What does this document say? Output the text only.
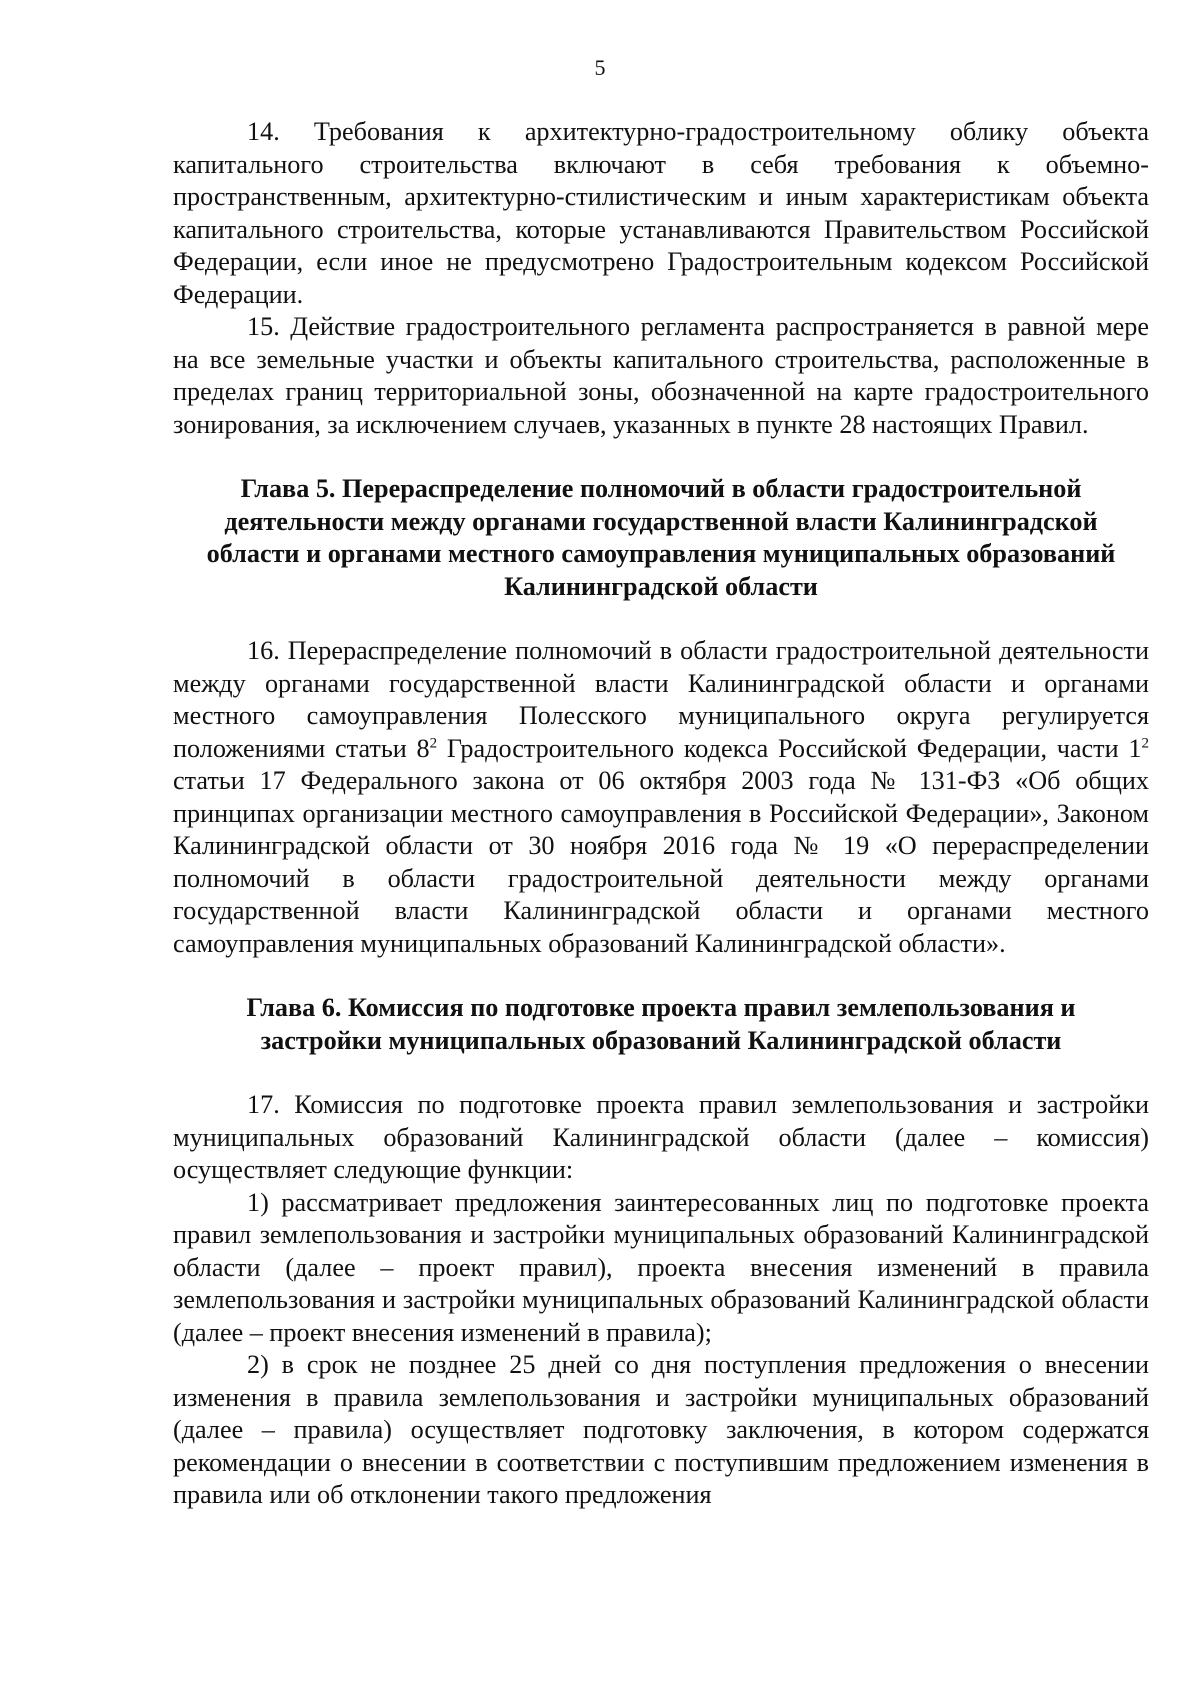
5

14. Требования к архитектурно-градостроительному облику объекта капитального строительства включают в себя требования к объемно-пространственным, архитектурно-стилистическим и иным характеристикам объекта капитального строительства, которые устанавливаются Правительством Российской Федерации, если иное не предусмотрено Градостроительным кодексом Российской Федерации.

15. Действие градостроительного регламента распространяется в равной мере на все земельные участки и объекты капитального строительства, расположенные в пределах границ территориальной зоны, обозначенной на карте градостроительного зонирования, за исключением случаев, указанных в пункте 28 настоящих Правил.

Глава 5. Перераспределение полномочий в области градостроительной деятельности между органами государственной власти Калининградской области и органами местного самоуправления муниципальных образований Калининградской области

16. Перераспределение полномочий в области градостроительной деятельности между органами государственной власти Калининградской области и органами местного самоуправления Полесского муниципального округа регулируется положениями статьи $8^2$ Градостроительного кодекса Российской Федерации, части $1^2$ статьи 17 Федерального закона от 06 октября 2003 года № 131-ФЗ «Об общих принципах организации местного самоуправления в Российской Федерации», Законом Калининградской области от 30 ноября 2016 года № 19 «О перераспределении полномочий в области градостроительной деятельности между органами государственной власти Калининградской области и органами местного самоуправления муниципальных образований Калининградской области».

Глава 6. Комиссия по подготовке проекта правил землепользования и застройки муниципальных образований Калининградской области

17. Комиссия по подготовке проекта правил землепользования и застройки муниципальных образований Калининградской области (далее – комиссия) осуществляет следующие функции:

1) рассматривает предложения заинтересованных лиц по подготовке проекта правил землепользования и застройки муниципальных образований Калининградской области (далее – проект правил), проекта внесения изменений в правила землепользования и застройки муниципальных образований Калининградской области (далее – проект внесения изменений в правила);

2) в срок не позднее 25 дней со дня поступления предложения о внесении изменения в правила землепользования и застройки муниципальных образований (далее – правила) осуществляет подготовку заключения, в котором содержатся рекомендации о внесении в соответствии с поступившим предложением изменения в правила или об отклонении такого предложения
